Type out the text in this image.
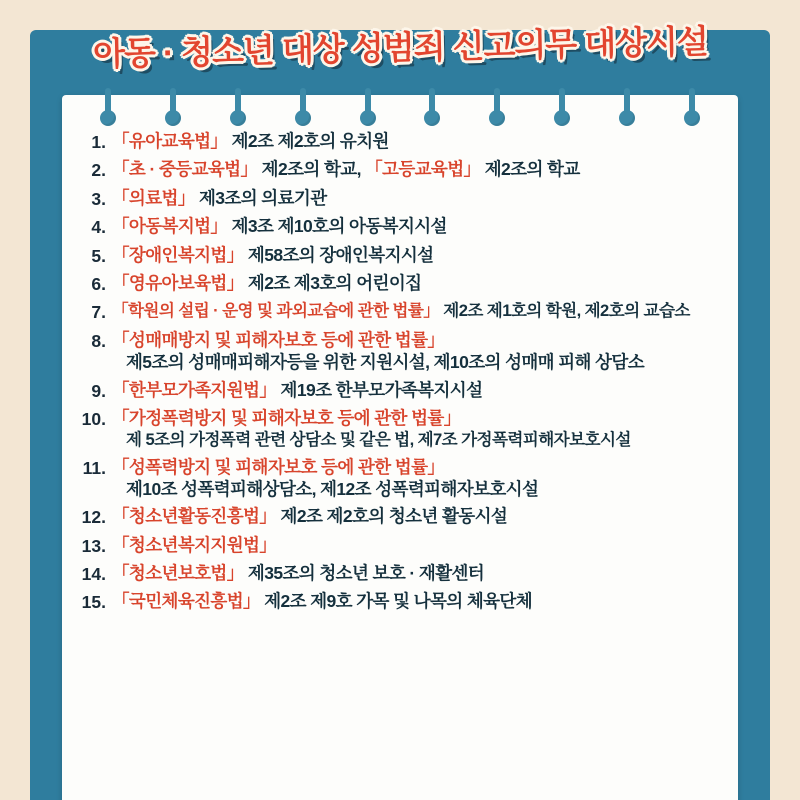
아동 · 청소년 대상 성범죄 신고의무 대상시설
1. 「유아교육법」 제2조 제2호의 유치원
2. 「초 · 중등교육법」 제2조의 학교, 「고등교육법」 제2조의 학교
3. 「의료법」 제3조의 의료기관
4. 「아동복지법」 제3조 제10호의 아동복지시설
5. 「장애인복지법」 제58조의 장애인복지시설
6. 「영유아보육법」 제2조 제3호의 어린이집
7. 「학원의 설립 · 운영 및 과외교습에 관한 법률」 제2조 제1호의 학원, 제2호의 교습소
8. 「성매매방지 및 피해자보호 등에 관한 법률」
제5조의 성매매피해자등을 위한 지원시설, 제10조의 성매매 피해 상담소
9. 「한부모가족지원법」 제19조 한부모가족복지시설
10. 「가정폭력방지 및 피해자보호 등에 관한 법률」
제 5조의 가정폭력 관련 상담소 및 같은 법, 제7조 가정폭력피해자보호시설
11. 「성폭력방지 및 피해자보호 등에 관한 법률」
제10조 성폭력피해상담소, 제12조 성폭력피해자보호시설
12. 「청소년활동진흥법」 제2조 제2호의 청소년 활동시설
13. 「청소년복지지원법」
14. 「청소년보호법」 제35조의 청소년 보호 · 재활센터
15. 「국민체육진흥법」 제2조 제9호 가목 및 나목의 체육단체
